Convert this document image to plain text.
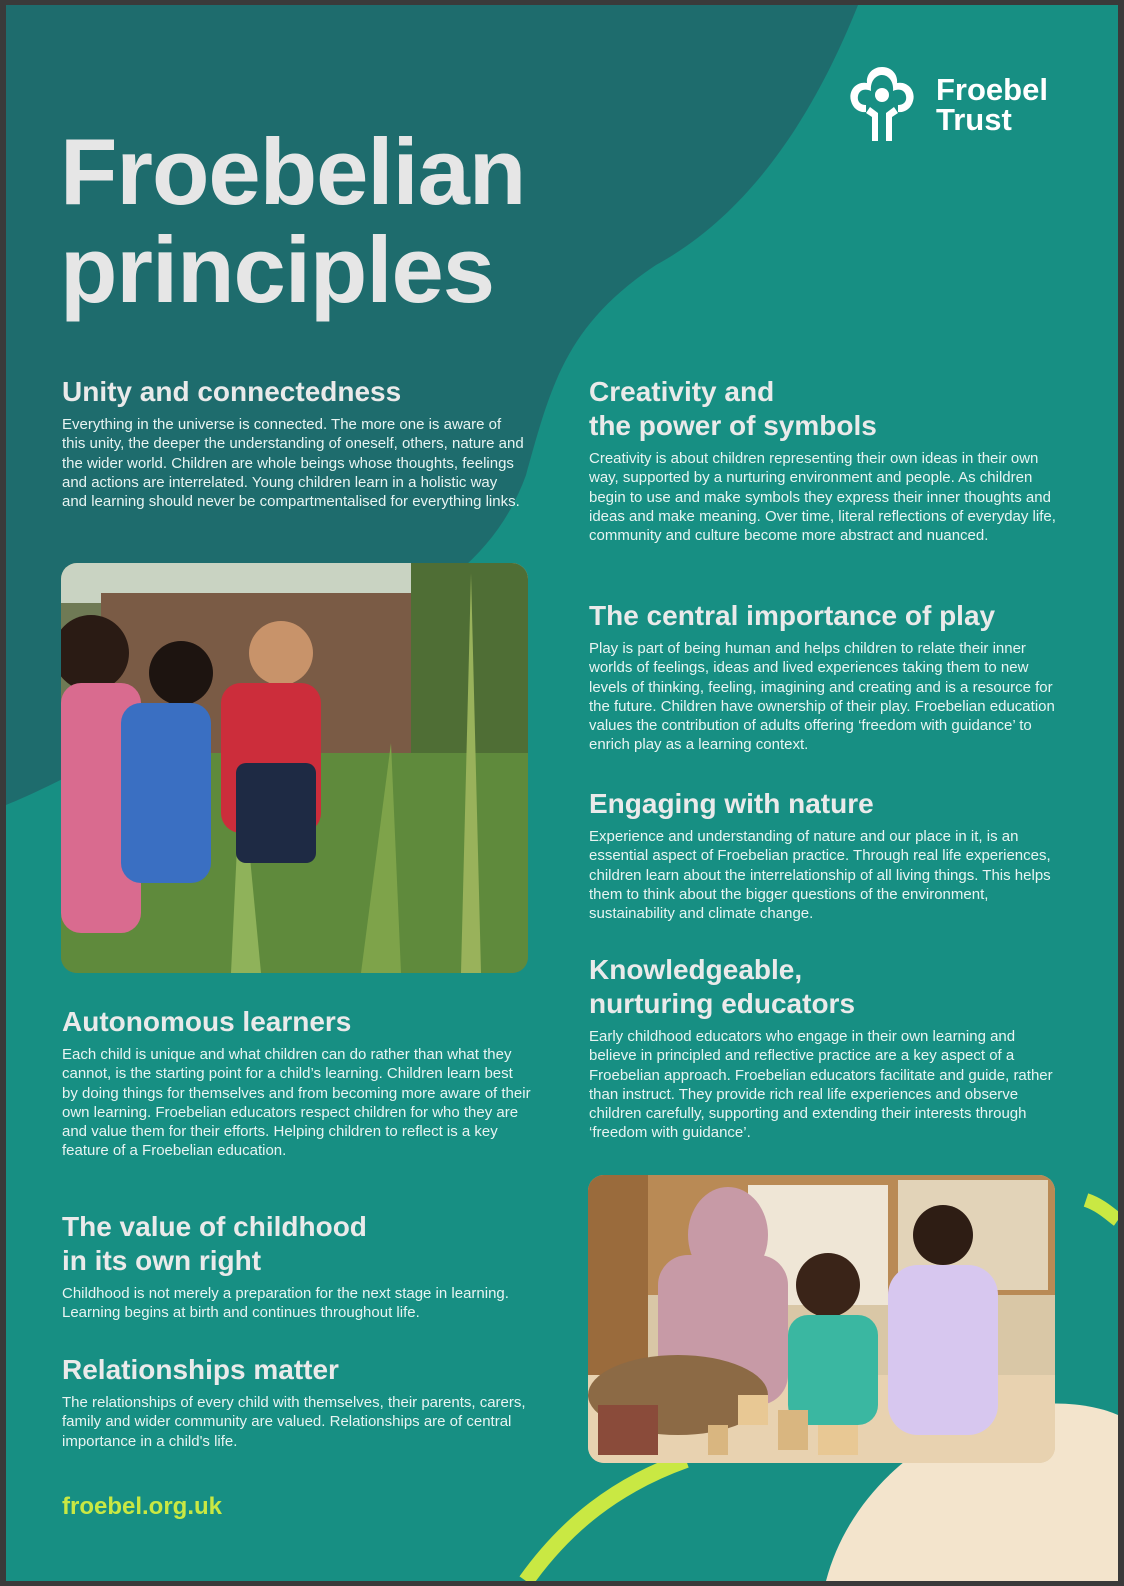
Froebelian
principles
Froebel
Trust
Unity and connectedness

Everything in the universe is connected. The more one is aware of this unity, the deeper the understanding of oneself, others, nature and the wider world. Children are whole beings whose thoughts, feelings and actions are interrelated. Young children learn in a holistic way and learning should never be compartmentalised for everything links.

Autonomous learners

Each child is unique and what children can do rather than what they cannot, is the starting point for a child’s learning. Children learn best by doing things for themselves and from becoming more aware of their own learning. Froebelian educators respect children for who they are and value them for their efforts. Helping children to reflect is a key feature of a Froebelian education.

The value of childhood
in its own right

Childhood is not merely a preparation for the next stage in learning. Learning begins at birth and continues throughout life.

Relationships matter

The relationships of every child with themselves, their parents, carers, family and wider community are valued. Relationships are of central importance in a child's life.

froebel.org.uk
Creativity and
the power of symbols

Creativity is about children representing their own ideas in their own way, supported by a nurturing environment and people. As children begin to use and make symbols they express their inner thoughts and ideas and make meaning. Over time, literal reflections of everyday life, community and culture become more abstract and nuanced.

The central importance of play

Play is part of being human and helps children to relate their inner worlds of feelings, ideas and lived experiences taking them to new levels of thinking, feeling, imagining and creating and is a resource for the future. Children have ownership of their play. Froebelian education values the contribution of adults offering ‘freedom with guidance’ to enrich play as a learning context.

Engaging with nature

Experience and understanding of nature and our place in it, is an essential aspect of Froebelian practice. Through real life experiences, children learn about the interrelationship of all living things. This helps them to think about the bigger questions of the environment, sustainability and climate change.

Knowledgeable,
nurturing educators

Early childhood educators who engage in their own learning and believe in principled and reflective practice are a key aspect of a Froebelian approach. Froebelian educators facilitate and guide, rather than instruct. They provide rich real life experiences and observe children carefully, supporting and extending their interests through ‘freedom with guidance’.
